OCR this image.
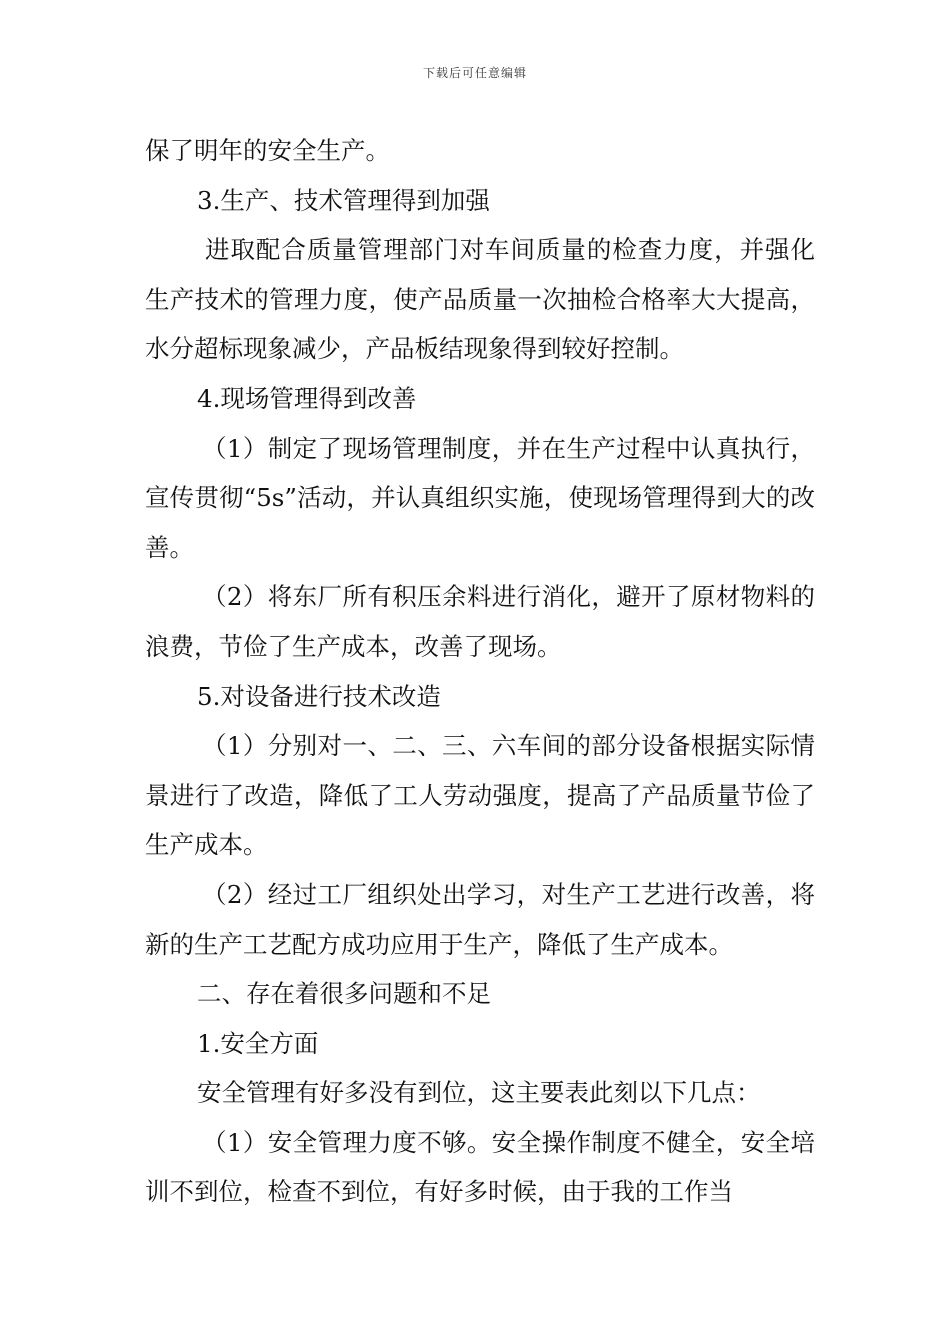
下载后可任意编辑

保了明年的安全生产。

3.生产、技术管理得到加强

进取配合质量管理部门对车间质量的检查力度，并强化生产技术的管理力度，使产品质量一次抽检合格率大大提高，水分超标现象减少，产品板结现象得到较好控制。

4.现场管理得到改善

（1）制定了现场管理制度，并在生产过程中认真执行，宣传贯彻“5s”活动，并认真组织实施，使现场管理得到大的改善。

（2）将东厂所有积压余料进行消化，避开了原材物料的浪费，节俭了生产成本，改善了现场。

5.对设备进行技术改造

（1）分别对一、二、三、六车间的部分设备根据实际情景进行了改造，降低了工人劳动强度，提高了产品质量节俭了生产成本。

（2）经过工厂组织处出学习，对生产工艺进行改善，将新的生产工艺配方成功应用于生产，降低了生产成本。

二、存在着很多问题和不足

1.安全方面

安全管理有好多没有到位，这主要表此刻以下几点：

（1）安全管理力度不够。安全操作制度不健全，安全培训不到位，检查不到位，有好多时候，由于我的工作当
